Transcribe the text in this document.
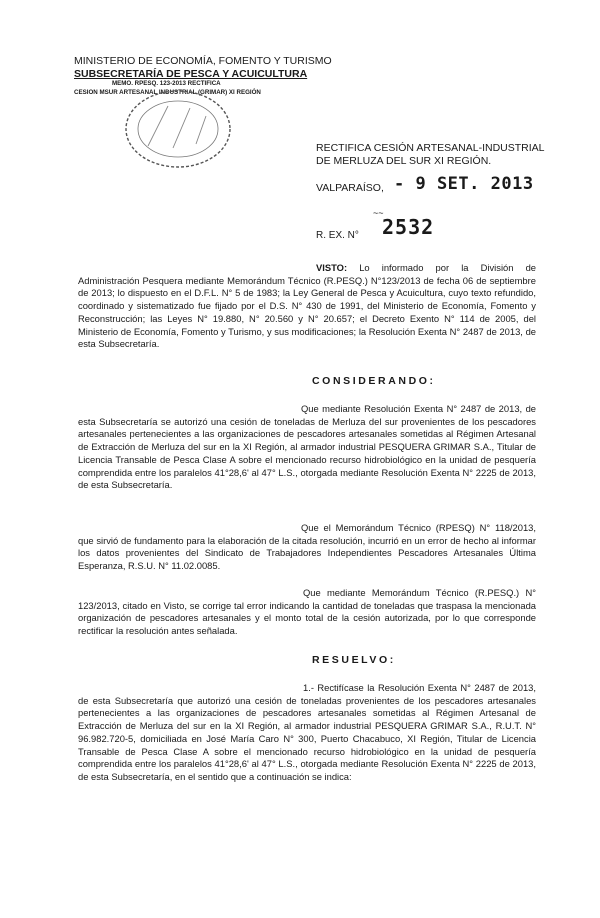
MINISTERIO DE ECONOMÍA, FOMENTO Y TURISMO
SUBSECRETARÍA DE PESCA Y ACUICULTURA
MEMO. RPESQ. 123-2013 RECTIFICA
CESION MSUR ARTESANAL INDUSTRIAL (GRIMAR) XI REGIÓN
RECTIFICA CESIÓN ARTESANAL-INDUSTRIAL
DE MERLUZA DEL SUR XI REGIÓN.
VALPARAÍSO, - 9 SET. 2013
~~
R. EX. N° 2532

VISTO: Lo informado por la División de Administración Pesquera mediante Memorándum Técnico (R.PESQ.) N°123/2013 de fecha 06 de septiembre de 2013; lo dispuesto en el D.F.L. N° 5 de 1983; la Ley General de Pesca y Acuicultura, cuyo texto refundido, coordinado y sistematizado fue fijado por el D.S. N° 430 de 1991, del Ministerio de Economía, Fomento y Reconstrucción; las Leyes N° 19.880, N° 20.560 y N° 20.657; el Decreto Exento N° 114 de 2005, del Ministerio de Economía, Fomento y Turismo, y sus modificaciones; la Resolución Exenta N° 2487 de 2013, de esta Subsecretaría.

CONSIDERANDO:

Que mediante Resolución Exenta N° 2487 de 2013, de esta Subsecretaría se autorizó una cesión de toneladas de Merluza del sur provenientes de los pescadores artesanales pertenecientes a las organizaciones de pescadores artesanales sometidas al Régimen Artesanal de Extracción de Merluza del sur en la XI Región, al armador industrial PESQUERA GRIMAR S.A., Titular de Licencia Transable de Pesca Clase A sobre el mencionado recurso hidrobiológico en la unidad de pesquería comprendida entre los paralelos 41°28,6' al 47° L.S., otorgada mediante Resolución Exenta N° 2225 de 2013, de esta Subsecretaría.

Que el Memorándum Técnico (RPESQ) N° 118/2013, que sirvió de fundamento para la elaboración de la citada resolución, incurrió en un error de hecho al informar los datos provenientes del Sindicato de Trabajadores Independientes Pescadores Artesanales Última Esperanza, R.S.U. N° 11.02.0085.

Que mediante Memorándum Técnico (R.PESQ.) N° 123/2013, citado en Visto, se corrige tal error indicando la cantidad de toneladas que traspasa la mencionada organización de pescadores artesanales y el monto total de la cesión autorizada, por lo que corresponde rectificar la resolución antes señalada.

RESUELVO:

1.- Rectifícase la Resolución Exenta N° 2487 de 2013, de esta Subsecretaría que autorizó una cesión de toneladas provenientes de los pescadores artesanales pertenecientes a las organizaciones de pescadores artesanales sometidas al Régimen Artesanal de Extracción de Merluza del sur en la XI Región, al armador industrial PESQUERA GRIMAR S.A., R.U.T. N° 96.982.720-5, domiciliada en José María Caro N° 300, Puerto Chacabuco, XI Región, Titular de Licencia Transable de Pesca Clase A sobre el mencionado recurso hidrobiológico en la unidad de pesquería comprendida entre los paralelos 41°28,6' al 47° L.S., otorgada mediante Resolución Exenta N° 2225 de 2013, de esta Subsecretaría, en el sentido que a continuación se indica:
